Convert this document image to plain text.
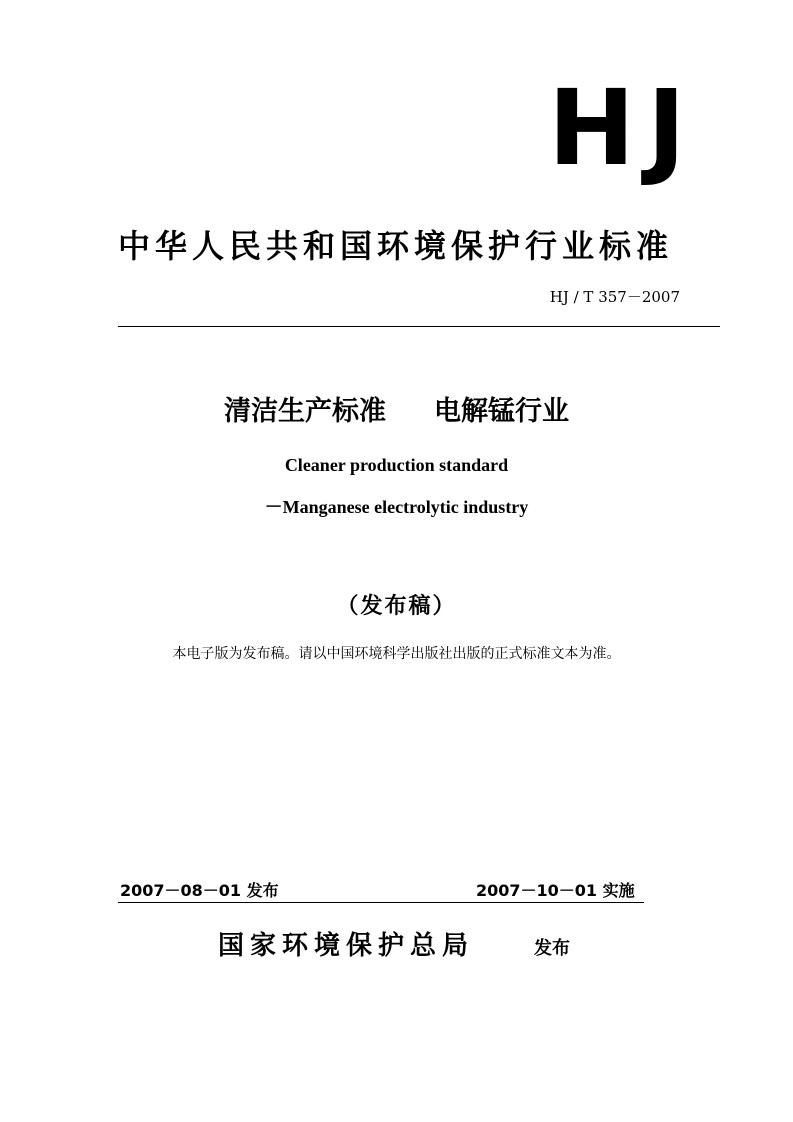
HJ
中华人民共和国环境保护行业标准
HJ / T 357－2007
清洁生产标准 电解锰行业
Cleaner production standard
－Manganese electrolytic industry
（发布稿）
本电子版为发布稿。请以中国环境科学出版社出版的正式标准文本为准。
2007－08－01 发布	2007－10－01 实施
国家环境保护总局	发布
